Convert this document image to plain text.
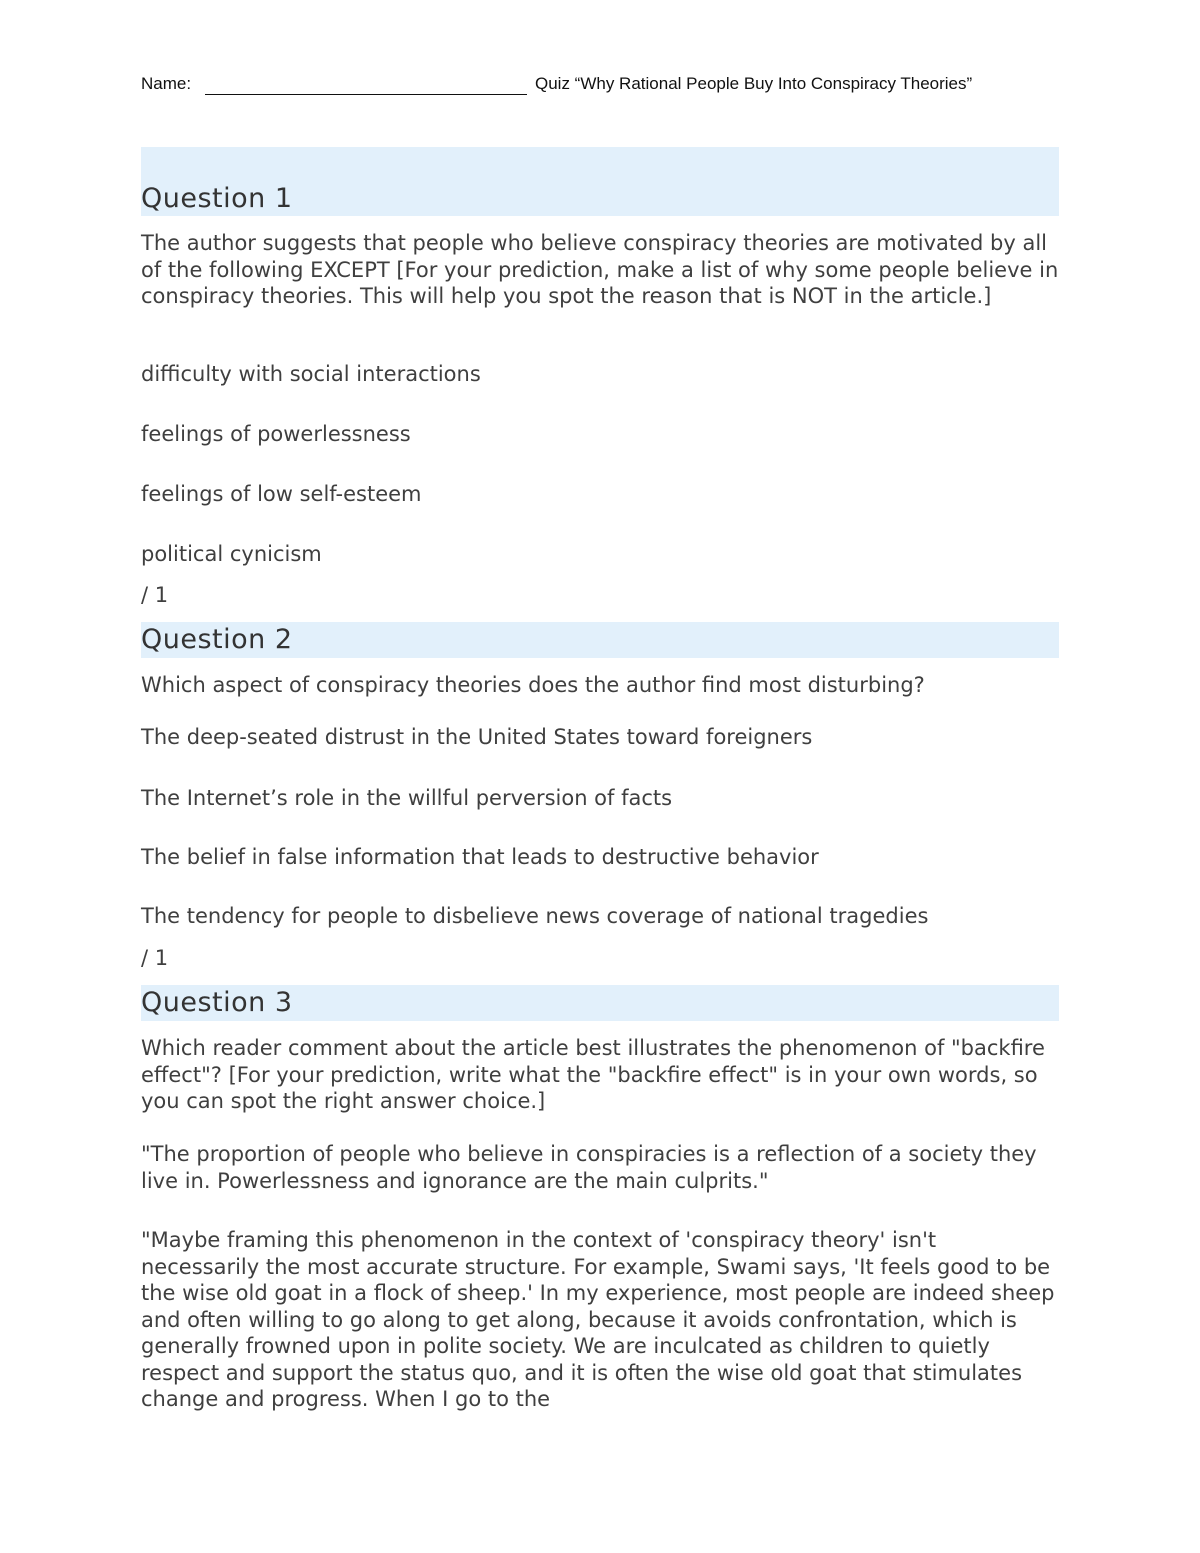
Name:	Quiz “Why Rational People Buy Into Conspiracy Theories”
Question 1
The author suggests that people who believe conspiracy theories are motivated by all of the following EXCEPT [For your prediction, make a list of why some people believe in conspiracy theories. This will help you spot the reason that is NOT in the article.]
difficulty with social interactions
feelings of powerlessness
feelings of low self-esteem
political cynicism
/ 1
Question 2
Which aspect of conspiracy theories does the author find most disturbing?
The deep-seated distrust in the United States toward foreigners
The Internet’s role in the willful perversion of facts
The belief in false information that leads to destructive behavior
The tendency for people to disbelieve news coverage of national tragedies
/ 1
Question 3
Which reader comment about the article best illustrates the phenomenon of "backfire effect"? [For your prediction, write what the "backfire effect" is in your own words, so you can spot the right answer choice.]
"The proportion of people who believe in conspiracies is a reflection of a society they live in. Powerlessness and ignorance are the main culprits."
"Maybe framing this phenomenon in the context of 'conspiracy theory' isn't necessarily the most accurate structure. For example, Swami says, 'It feels good to be the wise old goat in a flock of sheep.' In my experience, most people are indeed sheep and often willing to go along to get along, because it avoids confrontation, which is generally frowned upon in polite society. We are inculcated as children to quietly respect and support the status quo, and it is often the wise old goat that stimulates change and progress. When I go to the
